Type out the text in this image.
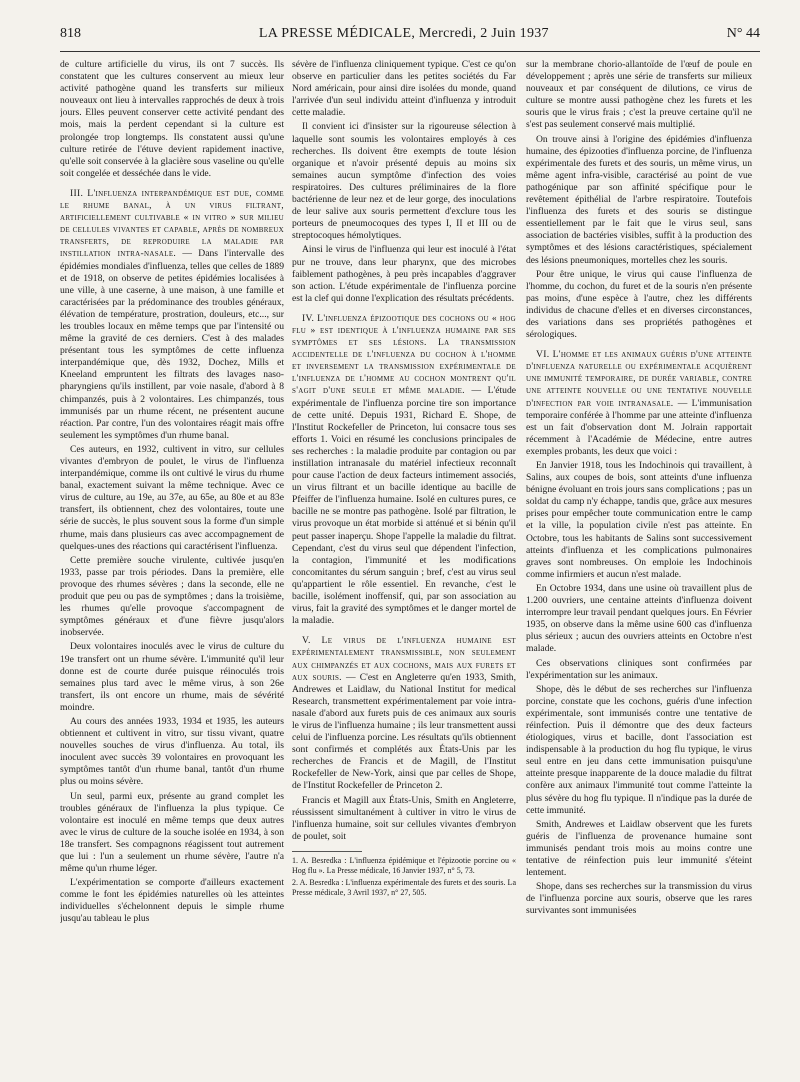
818	LA PRESSE MÉDICALE, Mercredi, 2 Juin 1937	N° 44

de culture artificielle du virus, ils ont 7 succès. Ils constatent que les cultures conservent au mieux leur activité pathogène quand les transferts sur milieux nouveaux ont lieu à intervalles rapprochés de deux à trois jours. Elles peuvent conserver cette activité pendant des mois, mais la perdent cependant si la culture est prolongée trop longtemps. Ils constatent aussi qu'une culture retirée de l'étuve devient rapidement inactive, qu'elle soit conservée à la glacière sous vaseline ou qu'elle soit congelée et desséchée dans le vide.

III. L'influenza interpandémique est due, comme le rhume banal, à un virus filtrant, artificiellement cultivable « in vitro » sur milieu de cellules vivantes et capable, après de nombreux transferts, de reproduire la maladie par instillation intra-nasale. — Dans l'intervalle des épidémies mondiales d'influenza, telles que celles de 1889 et de 1918, on observe de petites épidémies localisées à une ville, à une caserne, à une maison, à une famille et caractérisées par la prédominance des troubles généraux, élévation de température, prostration, douleurs, etc..., sur les troubles locaux en même temps que par l'intensité ou même la gravité de ces derniers. C'est à des malades présentant tous les symptômes de cette influenza interpandémique que, dès 1932, Dochez, Mills et Kneeland empruntent les filtrats des lavages naso-pharyngiens qu'ils instillent, par voie nasale, d'abord à 8 chimpanzés, puis à 2 volontaires. Les chimpanzés, tous immunisés par un rhume récent, ne présentent aucune réaction. Par contre, l'un des volontaires réagit mais offre seulement les symptômes d'un rhume banal.

Ces auteurs, en 1932, cultivent in vitro, sur cellules vivantes d'embryon de poulet, le virus de l'influenza interpandémique, comme ils ont cultivé le virus du rhume banal, exactement suivant la même technique. Avec ce virus de culture, au 19e, au 37e, au 65e, au 80e et au 83e transfert, ils obtiennent, chez des volontaires, toute une série de succès, le plus souvent sous la forme d'un simple rhume, mais dans plusieurs cas avec accompagnement de quelques-unes des réactions qui caractérisent l'influenza.

Cette première souche virulente, cultivée jusqu'en 1933, passe par trois périodes. Dans la première, elle provoque des rhumes sévères ; dans la seconde, elle ne produit que peu ou pas de symptômes ; dans la troisième, les rhumes qu'elle provoque s'accompagnent de symptômes généraux et d'une fièvre jusqu'alors inobservée.

Deux volontaires inoculés avec le virus de culture du 19e transfert ont un rhume sévère. L'immunité qu'il leur donne est de courte durée puisque réinoculés trois semaines plus tard avec le même virus, à son 26e transfert, ils ont encore un rhume, mais de sévérité moindre.

Au cours des années 1933, 1934 et 1935, les auteurs obtiennent et cultivent in vitro, sur tissu vivant, quatre nouvelles souches de virus d'influenza. Au total, ils inoculent avec succès 39 volontaires en provoquant les symptômes tantôt d'un rhume banal, tantôt d'un rhume plus ou moins sévère.

Un seul, parmi eux, présente au grand complet les troubles généraux de l'influenza la plus typique. Ce volontaire est inoculé en même temps que deux autres avec le virus de culture de la souche isolée en 1934, à son 18e transfert. Ses compagnons réagissent tout autrement que lui : l'un a seulement un rhume sévère, l'autre n'a même qu'un rhume léger.

L'expérimentation se comporte d'ailleurs exactement comme le font les épidémies naturelles où les atteintes individuelles s'échelonnent depuis le simple rhume jusqu'au tableau le plus

sévère de l'influenza cliniquement typique. C'est ce qu'on observe en particulier dans les petites sociétés du Far Nord américain, pour ainsi dire isolées du monde, quand l'arrivée d'un seul individu atteint d'influenza y introduit cette maladie.

Il convient ici d'insister sur la rigoureuse sélection à laquelle sont soumis les volontaires employés à ces recherches. Ils doivent être exempts de toute lésion organique et n'avoir présenté depuis au moins six semaines aucun symptôme d'infection des voies respiratoires. Des cultures préliminaires de la flore bactérienne de leur nez et de leur gorge, des inoculations de leur salive aux souris permettent d'exclure tous les porteurs de pneumocoques des types I, II et III ou de streptocoques hémolytiques.

Ainsi le virus de l'influenza qui leur est inoculé à l'état pur ne trouve, dans leur pharynx, que des microbes faiblement pathogènes, à peu près incapables d'aggraver son action. L'étude expérimentale de l'influenza porcine est la clef qui donne l'explication des résultats précédents.

IV. L'influenza épizootique des cochons ou « hog flu » est identique à l'influenza humaine par ses symptômes et ses lésions. La transmission accidentelle de l'influenza du cochon à l'homme et inversement la transmission expérimentale de l'influenza de l'homme au cochon montrent qu'il s'agit d'une seule et même maladie. — L'étude expérimentale de l'influenza porcine tire son importance de cette unité. Depuis 1931, Richard E. Shope, de l'Institut Rockefeller de Princeton, lui consacre tous ses efforts 1. Voici en résumé les conclusions principales de ses recherches : la maladie produite par contagion ou par instillation intranasale du matériel infectieux reconnaît pour cause l'action de deux facteurs intimement associés, un virus filtrant et un bacille identique au bacille de Pfeiffer de l'influenza humaine. Isolé en cultures pures, ce bacille ne se montre pas pathogène. Isolé par filtration, le virus provoque un état morbide si atténué et si bénin qu'il peut passer inaperçu. Shope l'appelle la maladie du filtrat. Cependant, c'est du virus seul que dépendent l'infection, la contagion, l'immunité et les modifications concomitantes du sérum sanguin ; bref, c'est au virus seul qu'appartient le rôle essentiel. En revanche, c'est le bacille, isolément inoffensif, qui, par son association au virus, fait la gravité des symptômes et le danger mortel de la maladie.

V. Le virus de l'influenza humaine est expérimentalement transmissible, non seulement aux chimpanzés et aux cochons, mais aux furets et aux souris. — C'est en Angleterre qu'en 1933, Smith, Andrewes et Laidlaw, du National Institut for medical Research, transmettent expérimentalement par voie intra-nasale d'abord aux furets puis de ces animaux aux souris le virus de l'influenza humaine ; ils leur transmettent aussi celui de l'influenza porcine. Les résultats qu'ils obtiennent sont confirmés et complétés aux États-Unis par les recherches de Francis et de Magill, de l'Institut Rockefeller de New-York, ainsi que par celles de Shope, de l'Institut Rockefeller de Princeton 2.

Francis et Magill aux États-Unis, Smith en Angleterre, réussissent simultanément à cultiver in vitro le virus de l'influenza humaine, soit sur cellules vivantes d'embryon de poulet, soit

1. A. Besredka : L'influenza épidémique et l'épizootie porcine ou « Hog flu ». La Presse médicale, 16 Janvier 1937, n° 5, 73.

2. A. Besredka : L'influenza expérimentale des furets et des souris. La Presse médicale, 3 Avril 1937, n° 27, 505.

sur la membrane chorio-allantoïde de l'œuf de poule en développement ; après une série de transferts sur milieux nouveaux et par conséquent de dilutions, ce virus de culture se montre aussi pathogène chez les furets et les souris que le virus frais ; c'est la preuve certaine qu'il ne s'est pas seulement conservé mais multiplié.

On trouve ainsi à l'origine des épidémies d'influenza humaine, des épizooties d'influenza porcine, de l'influenza expérimentale des furets et des souris, un même virus, un même agent infra-visible, caractérisé au point de vue pathogénique par son affinité spécifique pour le revêtement épithélial de l'arbre respiratoire. Toutefois l'influenza des furets et des souris se distingue essentiellement par le fait que le virus seul, sans association de bactéries visibles, suffit à la production des symptômes et des lésions caractéristiques, spécialement des lésions pneumoniques, mortelles chez les souris.

Pour être unique, le virus qui cause l'influenza de l'homme, du cochon, du furet et de la souris n'en présente pas moins, d'une espèce à l'autre, chez les différents individus de chacune d'elles et en diverses circonstances, des variations dans ses propriétés pathogènes et sérologiques.

VI. L'homme et les animaux guéris d'une atteinte d'influenza naturelle ou expérimentale acquièrent une immunité temporaire, de durée variable, contre une atteinte nouvelle ou une tentative nouvelle d'infection par voie intranasale. — L'immunisation temporaire conférée à l'homme par une atteinte d'influenza est un fait d'observation dont M. Jolrain rapportait récemment à l'Académie de Médecine, entre autres exemples probants, les deux que voici :

En Janvier 1918, tous les Indochinois qui travaillent, à Salins, aux coupes de bois, sont atteints d'une influenza bénigne évoluant en trois jours sans complications ; pas un soldat du camp n'y échappe, tandis que, grâce aux mesures prises pour empêcher toute communication entre le camp et la ville, la population civile n'est pas atteinte. En Octobre, tous les habitants de Salins sont successivement atteints d'influenza et les complications pulmonaires graves sont nombreuses. On emploie les Indochinois comme infirmiers et aucun n'est malade.

En Octobre 1934, dans une usine où travaillent plus de 1.200 ouvriers, une centaine atteints d'influenza doivent interrompre leur travail pendant quelques jours. En Février 1935, on observe dans la même usine 600 cas d'influenza plus sérieux ; aucun des ouvriers atteints en Octobre n'est malade.

Ces observations cliniques sont confirmées par l'expérimentation sur les animaux.

Shope, dès le début de ses recherches sur l'influenza porcine, constate que les cochons, guéris d'une infection expérimentale, sont immunisés contre une tentative de réinfection. Puis il démontre que des deux facteurs étiologiques, virus et bacille, dont l'association est indispensable à la production du hog flu typique, le virus seul entre en jeu dans cette immunisation puisqu'une atteinte presque inapparente de la douce maladie du filtrat confère aux animaux l'immunité tout comme l'atteinte la plus sévère du hog flu typique. Il n'indique pas la durée de cette immunité.

Smith, Andrewes et Laidlaw observent que les furets guéris de l'influenza de provenance humaine sont immunisés pendant trois mois au moins contre une tentative de réinfection puis leur immunité s'éteint lentement.

Shope, dans ses recherches sur la transmission du virus de l'influenza porcine aux souris, observe que les rares survivantes sont immunisées
